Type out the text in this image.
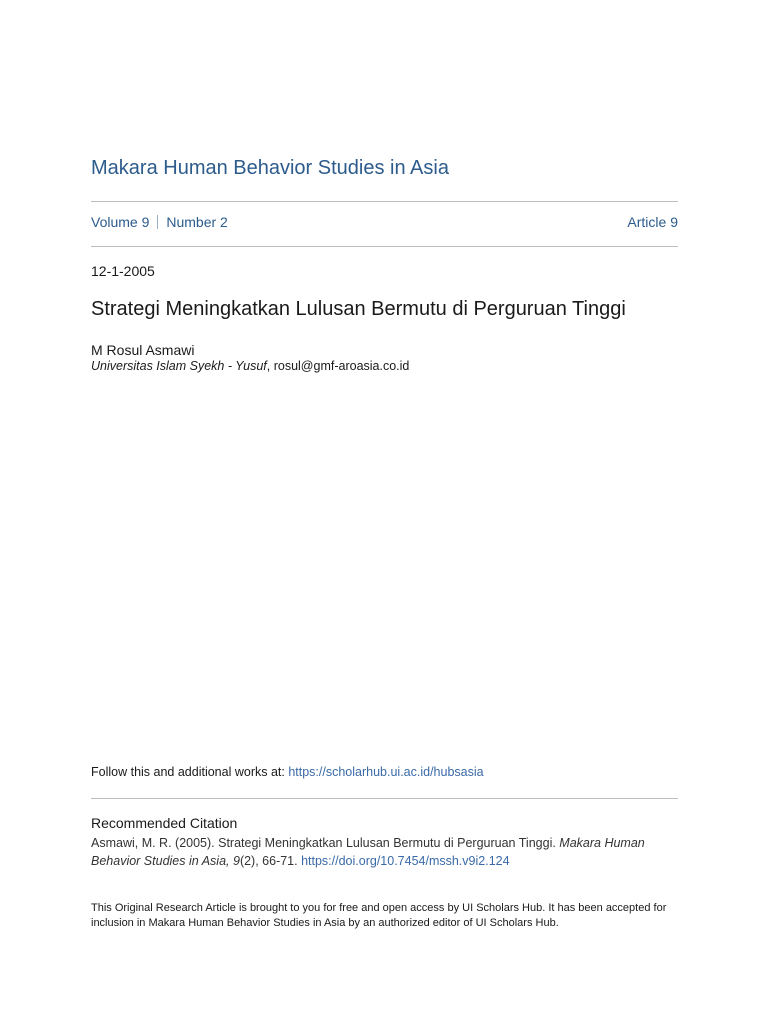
Makara Human Behavior Studies in Asia
Volume 9 Number 2	Article 9
12-1-2005
Strategi Meningkatkan Lulusan Bermutu di Perguruan Tinggi
M Rosul Asmawi
Universitas Islam Syekh - Yusuf, rosul@gmf-aroasia.co.id
Follow this and additional works at: https://scholarhub.ui.ac.id/hubsasia
Recommended Citation
Asmawi, M. R. (2005). Strategi Meningkatkan Lulusan Bermutu di Perguruan Tinggi. Makara Human Behavior Studies in Asia, 9(2), 66-71. https://doi.org/10.7454/mssh.v9i2.124
This Original Research Article is brought to you for free and open access by UI Scholars Hub. It has been accepted for inclusion in Makara Human Behavior Studies in Asia by an authorized editor of UI Scholars Hub.
